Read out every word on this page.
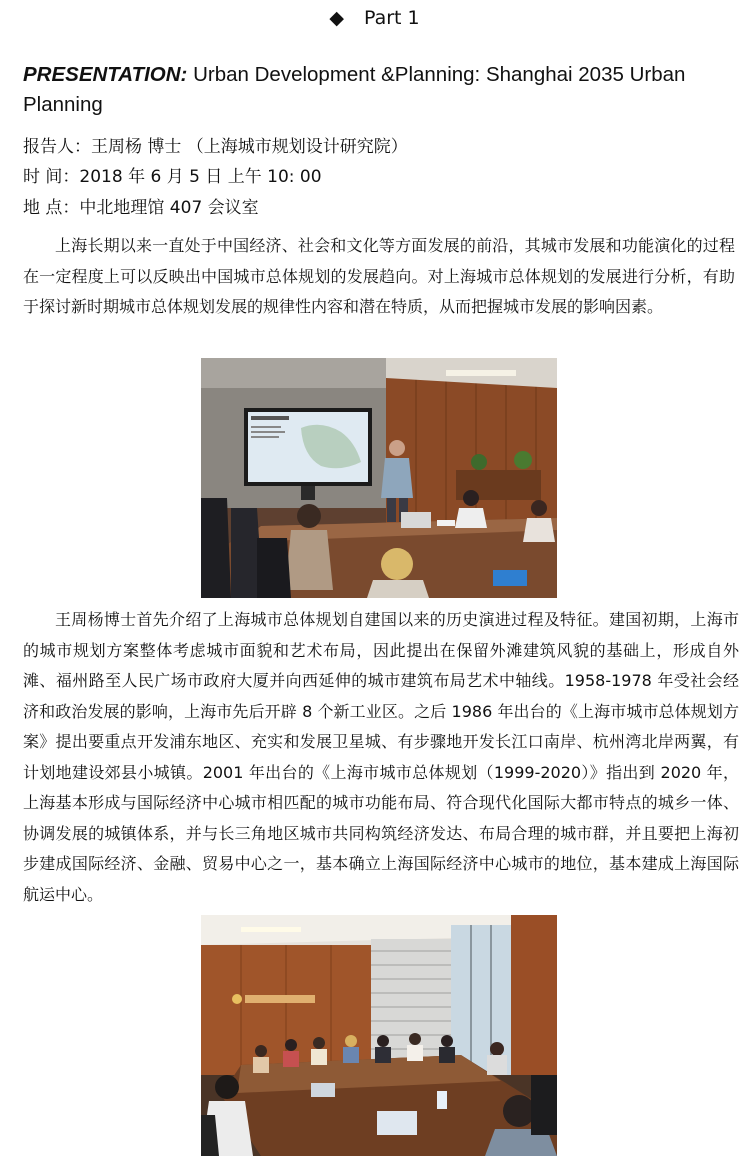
◆ Part 1
PRESENTATION: Urban Development &Planning: Shanghai 2035 Urban Planning
报告人：王周杨 博士 （上海城市规划设计研究院）
时 间：2018 年 6 月 5 日 上午 10: 00
地 点：中北地理馆 407 会议室

上海长期以来一直处于中国经济、社会和文化等方面发展的前沿，其城市发展和功能演化的过程在一定程度上可以反映出中国城市总体规划的发展趋向。对上海城市总体规划的发展进行分析，有助于探讨新时期城市总体规划发展的规律性内容和潜在特质，从而把握城市发展的影响因素。

王周杨博士首先介绍了上海城市总体规划自建国以来的历史演进过程及特征。建国初期，上海市的城市规划方案整体考虑城市面貌和艺术布局，因此提出在保留外滩建筑风貌的基础上，形成自外滩、福州路至人民广场市政府大厦并向西延伸的城市建筑布局艺术中轴线。1958-1978 年受社会经济和政治发展的影响，上海市先后开辟 8 个新工业区。之后 1986 年出台的《上海市城市总体规划方案》提出要重点开发浦东地区、充实和发展卫星城、有步骤地开发长江口南岸、杭州湾北岸两翼，有计划地建设郊县小城镇。2001 年出台的《上海市城市总体规划（1999-2020）》指出到 2020 年，上海基本形成与国际经济中心城市相匹配的城市功能布局、符合现代化国际大都市特点的城乡一体、协调发展的城镇体系，并与长三角地区城市共同构筑经济发达、布局合理的城市群，并且要把上海初步建成国际经济、金融、贸易中心之一，基本确立上海国际经济中心城市的地位，基本建成上海国际航运中心。
